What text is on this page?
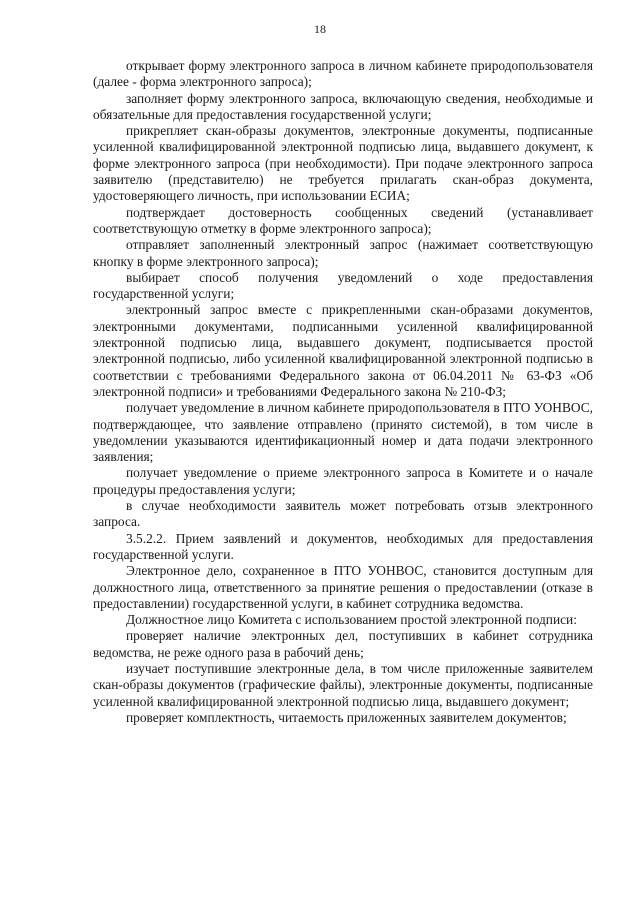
18

открывает форму электронного запроса в личном кабинете природопользователя (далее - форма электронного запроса);

заполняет форму электронного запроса, включающую сведения, необходимые и обязательные для предоставления государственной услуги;

прикрепляет скан-образы документов, электронные документы, подписанные усиленной квалифицированной электронной подписью лица, выдавшего документ, к форме электронного запроса (при необходимости). При подаче электронного запроса заявителю (представителю) не требуется прилагать скан-образ документа, удостоверяющего личность, при использовании ЕСИА;

подтверждает достоверность сообщенных сведений (устанавливает соответствующую отметку в форме электронного запроса);

отправляет заполненный электронный запрос (нажимает соответствующую кнопку в форме электронного запроса);

выбирает способ получения уведомлений о ходе предоставления государственной услуги;

электронный запрос вместе с прикрепленными скан-образами документов, электронными документами, подписанными усиленной квалифицированной электронной подписью лица, выдавшего документ, подписывается простой электронной подписью, либо усиленной квалифицированной электронной подписью в соответствии с требованиями Федерального закона от 06.04.2011 № 63-ФЗ «Об электронной подписи» и требованиями Федерального закона № 210-ФЗ;

получает уведомление в личном кабинете природопользователя в ПТО УОНВОС, подтверждающее, что заявление отправлено (принято системой), в том числе в уведомлении указываются идентификационный номер и дата подачи электронного заявления;

получает уведомление о приеме электронного запроса в Комитете и о начале процедуры предоставления услуги;

в случае необходимости заявитель может потребовать отзыв электронного запроса.

3.5.2.2. Прием заявлений и документов, необходимых для предоставления государственной услуги.

Электронное дело, сохраненное в ПТО УОНВОС, становится доступным для должностного лица, ответственного за принятие решения о предоставлении (отказе в предоставлении) государственной услуги, в кабинет сотрудника ведомства.

Должностное лицо Комитета с использованием простой электронной подписи:

проверяет наличие электронных дел, поступивших в кабинет сотрудника ведомства, не реже одного раза в рабочий день;

изучает поступившие электронные дела, в том числе приложенные заявителем скан-образы документов (графические файлы), электронные документы, подписанные усиленной квалифицированной электронной подписью лица, выдавшего документ;

проверяет комплектность, читаемость приложенных заявителем документов;
